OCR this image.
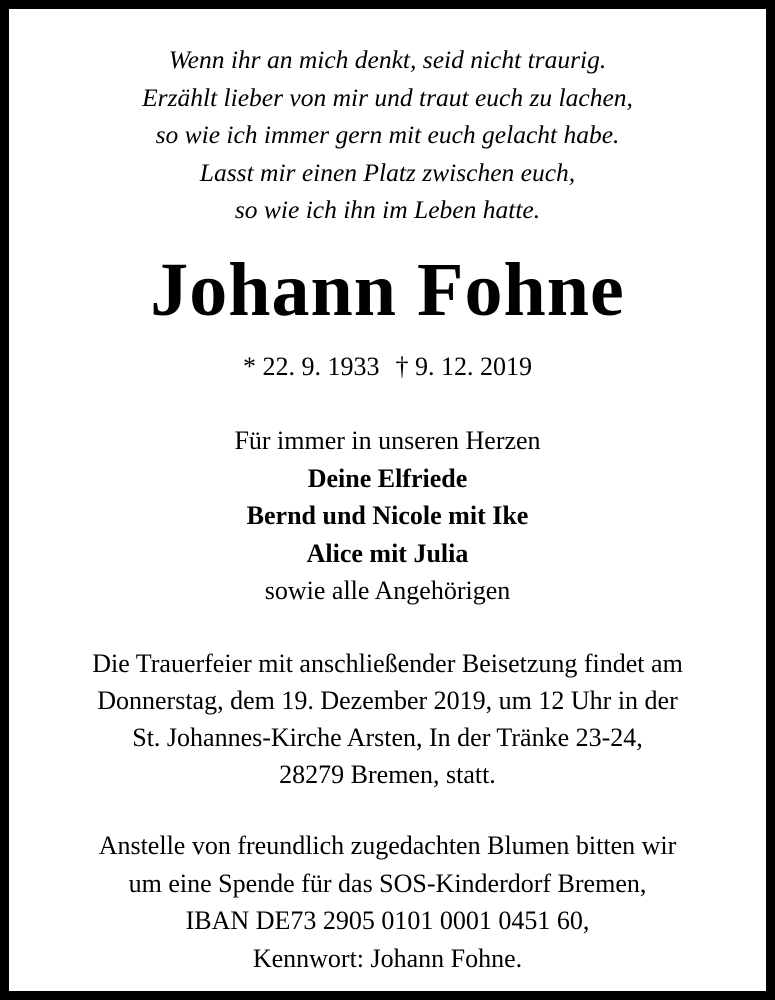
Wenn ihr an mich denkt, seid nicht traurig.
Erzählt lieber von mir und traut euch zu lachen,
so wie ich immer gern mit euch gelacht habe.
Lasst mir einen Platz zwischen euch,
so wie ich ihn im Leben hatte.
Johann Fohne
* 22. 9. 1933 † 9. 12. 2019
Für immer in unseren Herzen
Deine Elfriede
Bernd und Nicole mit Ike
Alice mit Julia
sowie alle Angehörigen
Die Trauerfeier mit anschließender Beisetzung findet am
Donnerstag, dem 19. Dezember 2019, um 12 Uhr in der
St. Johannes-Kirche Arsten, In der Tränke 23-24,
28279 Bremen, statt.
Anstelle von freundlich zugedachten Blumen bitten wir
um eine Spende für das SOS-Kinderdorf Bremen,
IBAN DE73 2905 0101 0001 0451 60,
Kennwort: Johann Fohne.
